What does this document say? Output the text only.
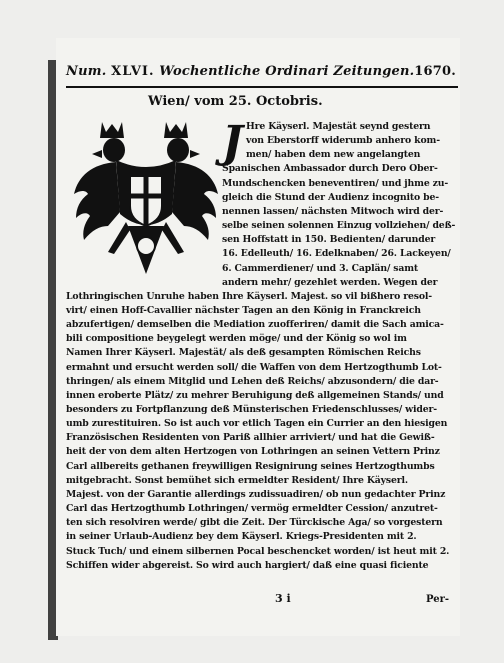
Num. XLVI. Wochentliche Ordinari Zeitungen. 1670.
Wien/ vom 25. Octobris.
J Hre Käyserl. Majestät seynd gestern
von Eberstorff widerumb anhero kom-
men/ haben dem new angelangten
Spanischen Ambassador durch Dero Ober-
Mundschencken beneventiren/ und jhme zu-
gleich die Stund der Audienz incognito be-
nennen lassen/ nächsten Mitwoch wird der-
selbe seinen solennen Einzug vollziehen/ deß-
sen Hoffstatt in 150. Bedienten/ darunder
16. Edelleuth/ 16. Edelknaben/ 26. Lackeyen/
6. Cammerdiener/ und 3. Caplän/ samt
andern mehr/ gezehlet werden. Wegen der
Lothringischen Unruhe haben Ihre Käyserl. Majest. so vil bißhero resol-
virt/ einen Hoff-Cavallier nächster Tagen an den König in Franckreich
abzufertigen/ demselben die Mediation zuofferiren/ damit die Sach amica-
bili compositione beygelegt werden möge/ und der König so wol im
Namen Ihrer Käyserl. Majestät/ als deß gesampten Römischen Reichs
ermahnt und ersucht werden soll/ die Waffen von dem Hertzogthumb Lot-
thringen/ als einem Mitglid und Lehen deß Reichs/ abzusondern/ die dar-
innen eroberte Plätz/ zu mehrer Beruhigung deß allgemeinen Stands/ und
besonders zu Fortpflanzung deß Münsterischen Friedenschlusses/ wider-
umb zurestituiren. So ist auch vor etlich Tagen ein Currier an den hiesigen
Französischen Residenten von Pariß allhier arriviert/ und hat die Gewiß-
heit der von dem alten Hertzogen von Lothringen an seinen Vettern Prinz
Carl allbereits gethanen freywilligen Resignirung seines Hertzogthumbs
mitgebracht. Sonst bemühet sich ermeldter Resident/ Ihre Käyserl.
Majest. von der Garantie allerdings zudissuadiren/ ob nun gedachter Prinz
Carl das Hertzogthumb Lothringen/ vermög ermeldter Cession/ anzutret-
ten sich resolviren werde/ gibt die Zeit. Der Türckische Aga/ so vorgestern
in seiner Urlaub-Audienz bey dem Käyserl. Kriegs-Presidenten mit 2.
Stuck Tuch/ und einem silbernen Pocal beschencket worden/ ist heut mit 2.
Schiffen wider abgereist. So wird auch hargiert/ daß eine quasi ficiente
3 i	Per-
